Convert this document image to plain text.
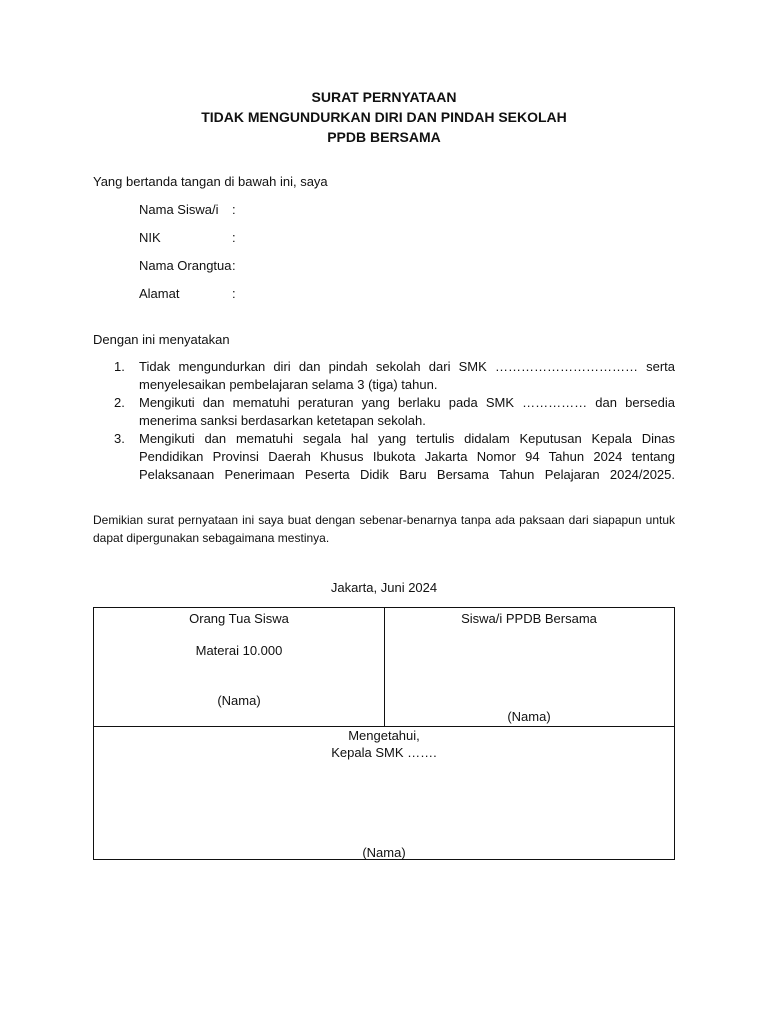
SURAT PERNYATAAN
TIDAK MENGUNDURKAN DIRI DAN PINDAH SEKOLAH
PPDB BERSAMA
Yang bertanda tangan di bawah ini, saya
Nama Siswa/i :
NIK	:
Nama Orangtua :
Alamat	:
Dengan ini menyatakan
1. Tidak mengundurkan diri dan pindah sekolah dari SMK …………………………… serta menyelesaikan pembelajaran selama 3 (tiga) tahun.
2. Mengikuti dan mematuhi peraturan yang berlaku pada SMK …………… dan bersedia menerima sanksi berdasarkan ketetapan sekolah.
3. Mengikuti dan mematuhi segala hal yang tertulis didalam Keputusan Kepala Dinas Pendidikan Provinsi Daerah Khusus Ibukota Jakarta Nomor 94 Tahun 2024 tentang Pelaksanaan Penerimaan Peserta Didik Baru Bersama Tahun Pelajaran 2024/2025.
Demikian surat pernyataan ini saya buat dengan sebenar-benarnya tanpa ada paksaan dari siapapun untuk dapat dipergunakan sebagaimana mestinya.
Jakarta, Juni 2024
Orang Tua Siswa
Materai 10.000
(Nama)
Siswa/i PPDB Bersama
(Nama)
Mengetahui,
Kepala SMK …….
(Nama)
